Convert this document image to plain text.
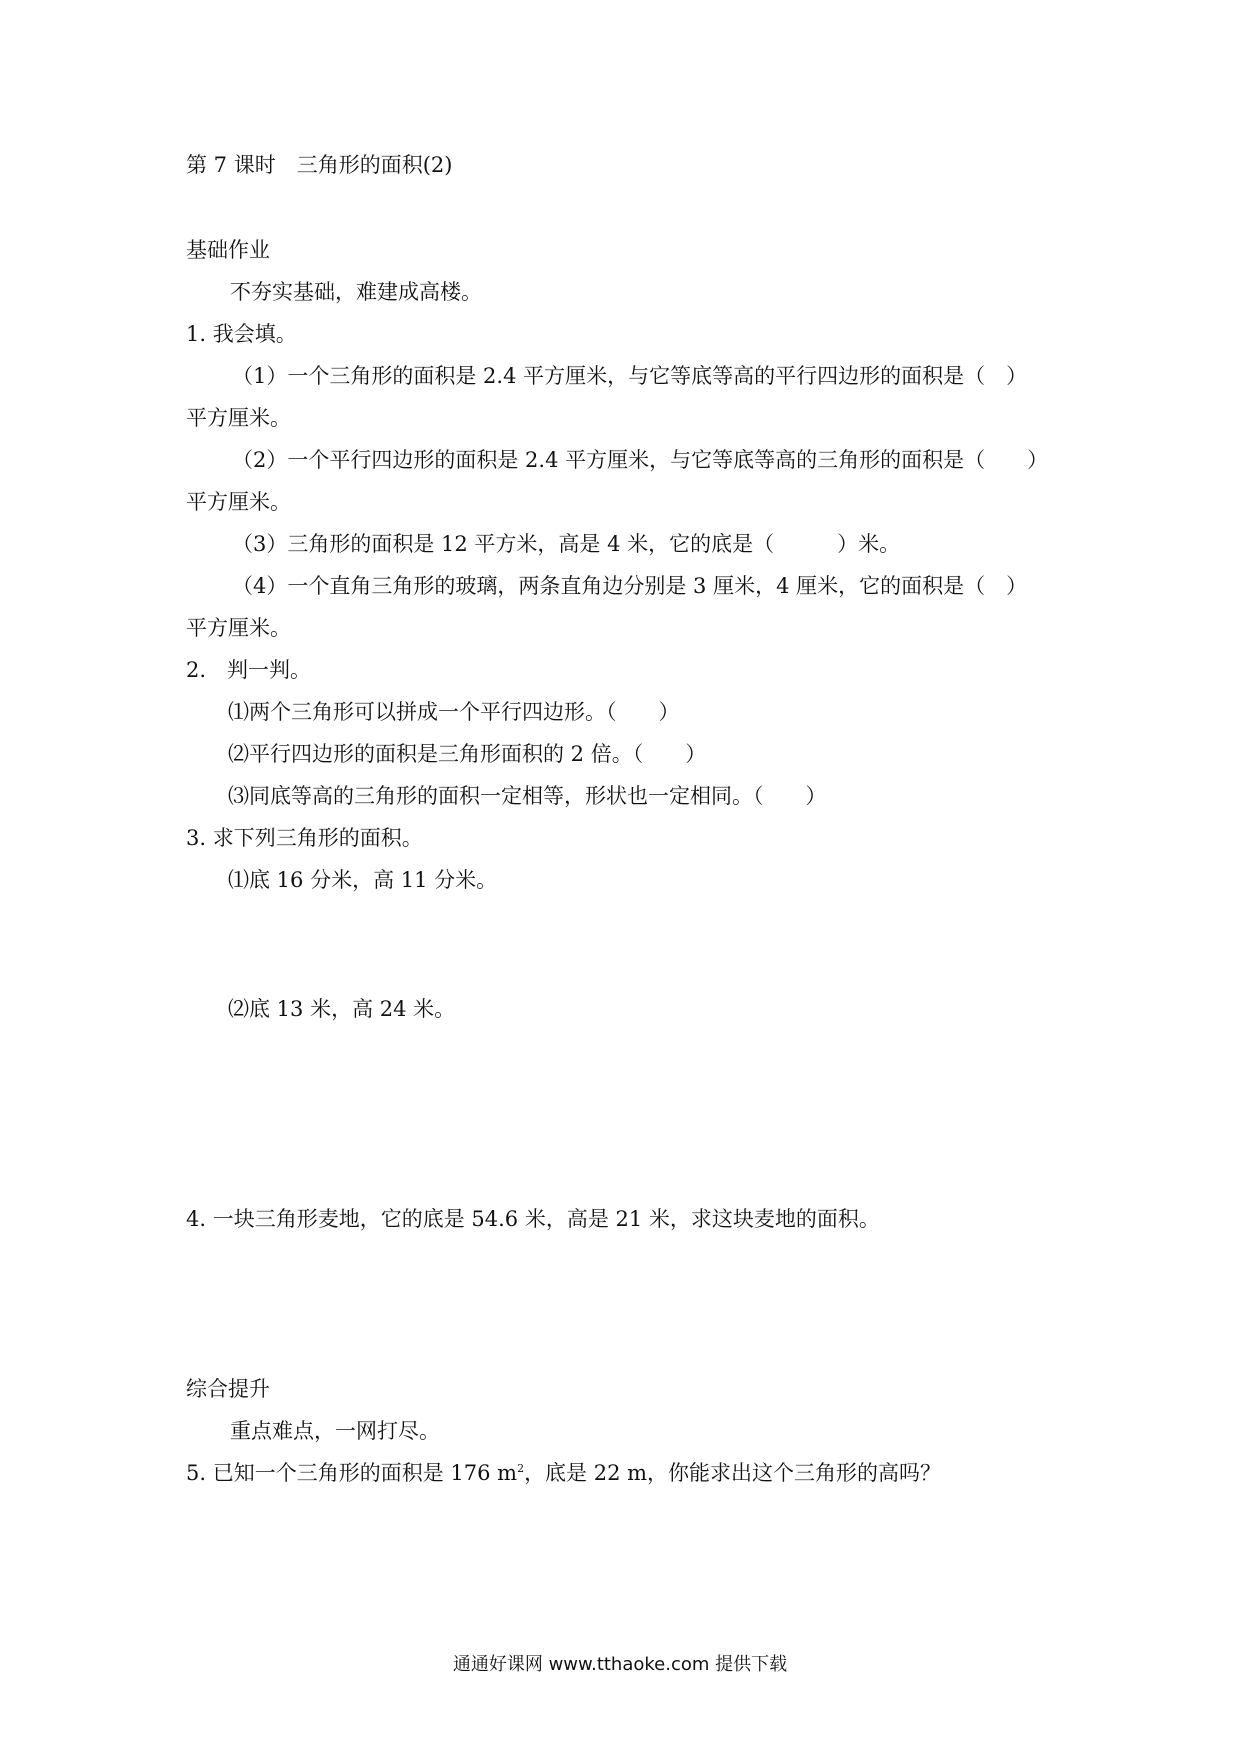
第 7 课时　三角形的面积(2)
基础作业
不夯实基础，难建成高楼。
1. 我会填。
（1）一个三角形的面积是 2.4 平方厘米，与它等底等高的平行四边形的面积是（　）
平方厘米。
（2）一个平行四边形的面积是 2.4 平方厘米，与它等底等高的三角形的面积是（　　）
平方厘米。
（3）三角形的面积是 12 平方米，高是 4 米，它的底是（　　　）米。
（4）一个直角三角形的玻璃，两条直角边分别是 3 厘米，4 厘米，它的面积是（　）
平方厘米。
2.　判一判。
⑴两个三角形可以拼成一个平行四边形。（　　）
⑵平行四边形的面积是三角形面积的 2 倍。（　　）
⑶同底等高的三角形的面积一定相等，形状也一定相同。（　　）
3. 求下列三角形的面积。
⑴底 16 分米，高 11 分米。
⑵底 13 米，高 24 米。
4. 一块三角形麦地，它的底是 54.6 米，高是 21 米，求这块麦地的面积。
综合提升
重点难点，一网打尽。
5. 已知一个三角形的面积是 176 $m^2$，底是 22 m，你能求出这个三角形的高吗？
通通好课网 www.tthaoke.com 提供下载
